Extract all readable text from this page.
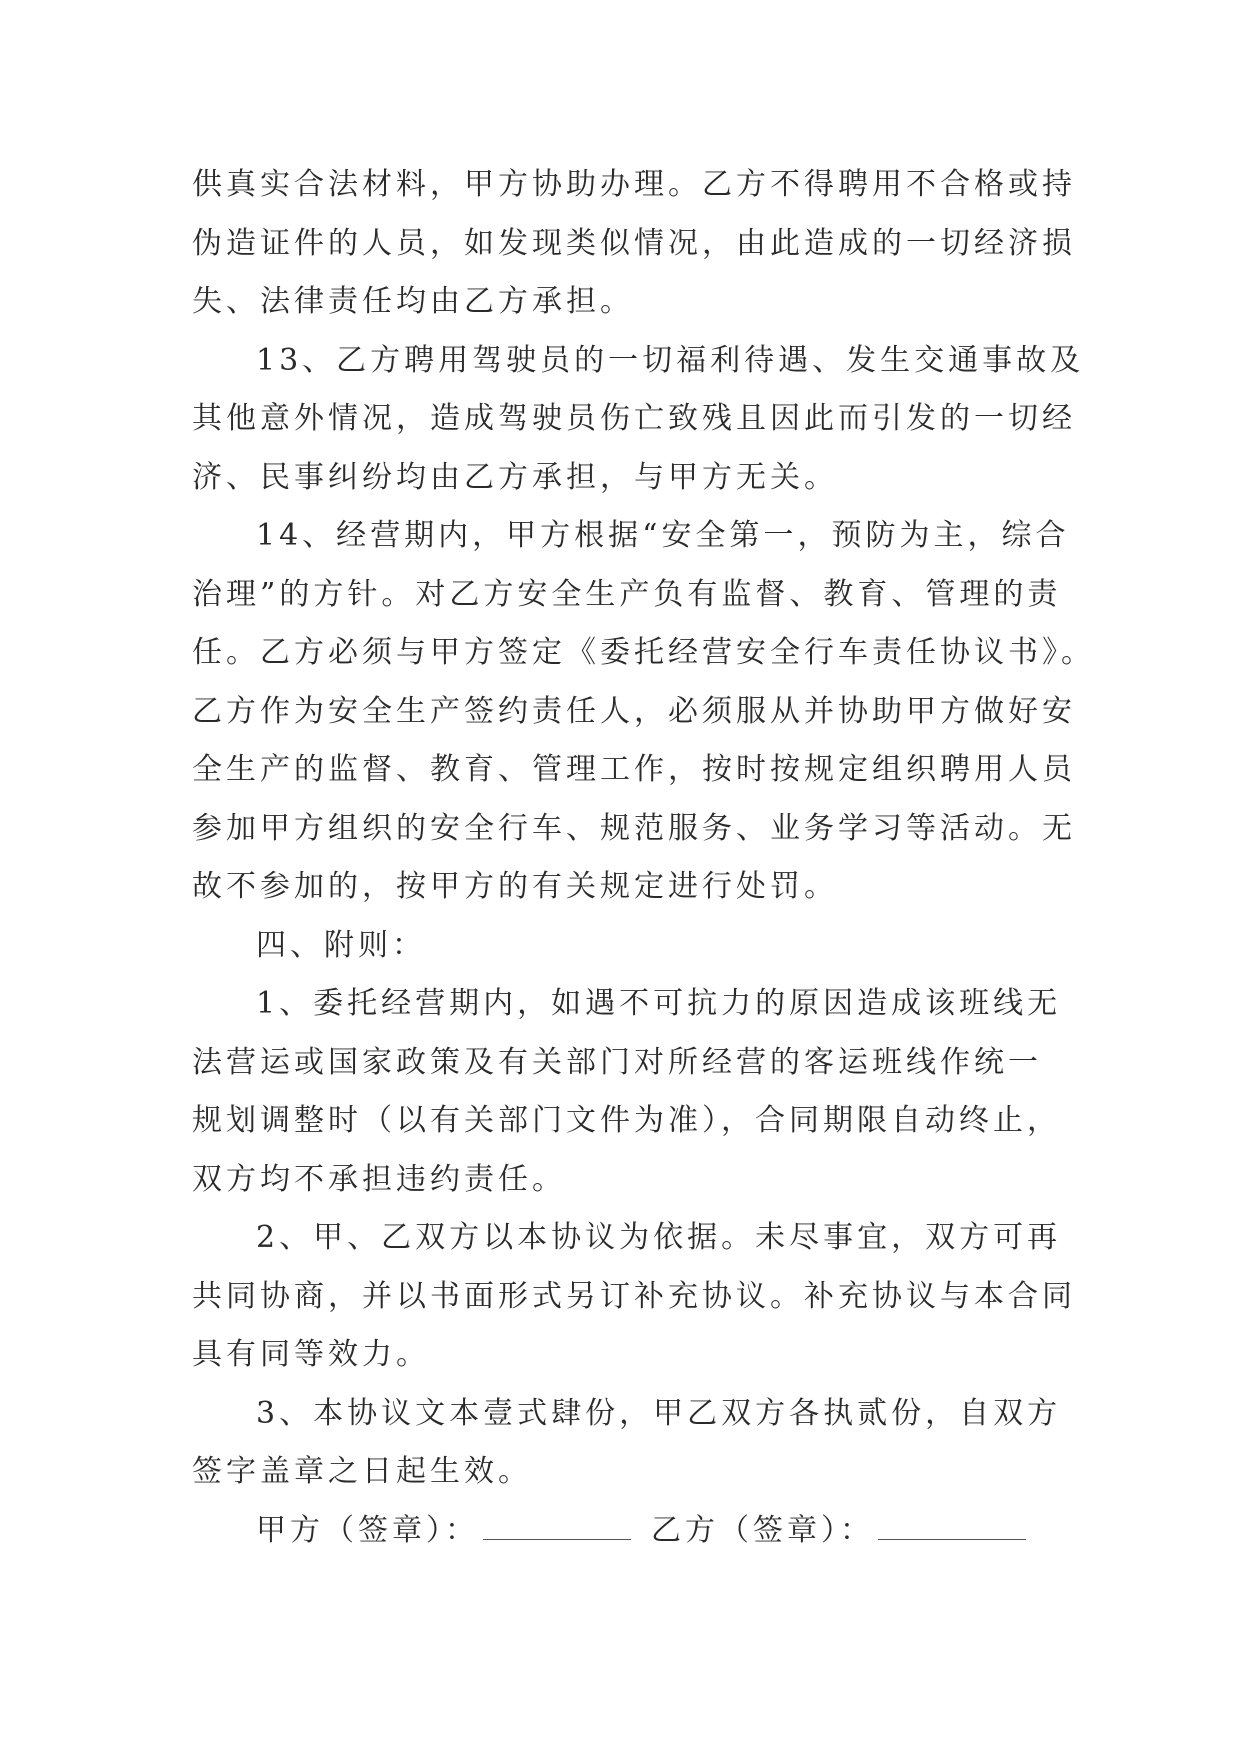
供真实合法材料，甲方协助办理。乙方不得聘用不合格或持
伪造证件的人员，如发现类似情况，由此造成的一切经济损
失、法律责任均由乙方承担。
13、乙方聘用驾驶员的一切福利待遇、发生交通事故及
其他意外情况，造成驾驶员伤亡致残且因此而引发的一切经
济、民事纠纷均由乙方承担，与甲方无关。
14、经营期内，甲方根据“安全第一，预防为主，综合
治理”的方针。对乙方安全生产负有监督、教育、管理的责
任。乙方必须与甲方签定《委托经营安全行车责任协议书》。
乙方作为安全生产签约责任人，必须服从并协助甲方做好安
全生产的监督、教育、管理工作，按时按规定组织聘用人员
参加甲方组织的安全行车、规范服务、业务学习等活动。无
故不参加的，按甲方的有关规定进行处罚。
四、附则：
1、委托经营期内，如遇不可抗力的原因造成该班线无
法营运或国家政策及有关部门对所经营的客运班线作统一
规划调整时（以有关部门文件为准），合同期限自动终止，
双方均不承担违约责任。
2、甲、乙双方以本协议为依据。未尽事宜，双方可再
共同协商，并以书面形式另订补充协议。补充协议与本合同
具有同等效力。
3、本协议文本壹式肆份，甲乙双方各执贰份，自双方
签字盖章之日起生效。
甲方（签章）：	乙方（签章）：
